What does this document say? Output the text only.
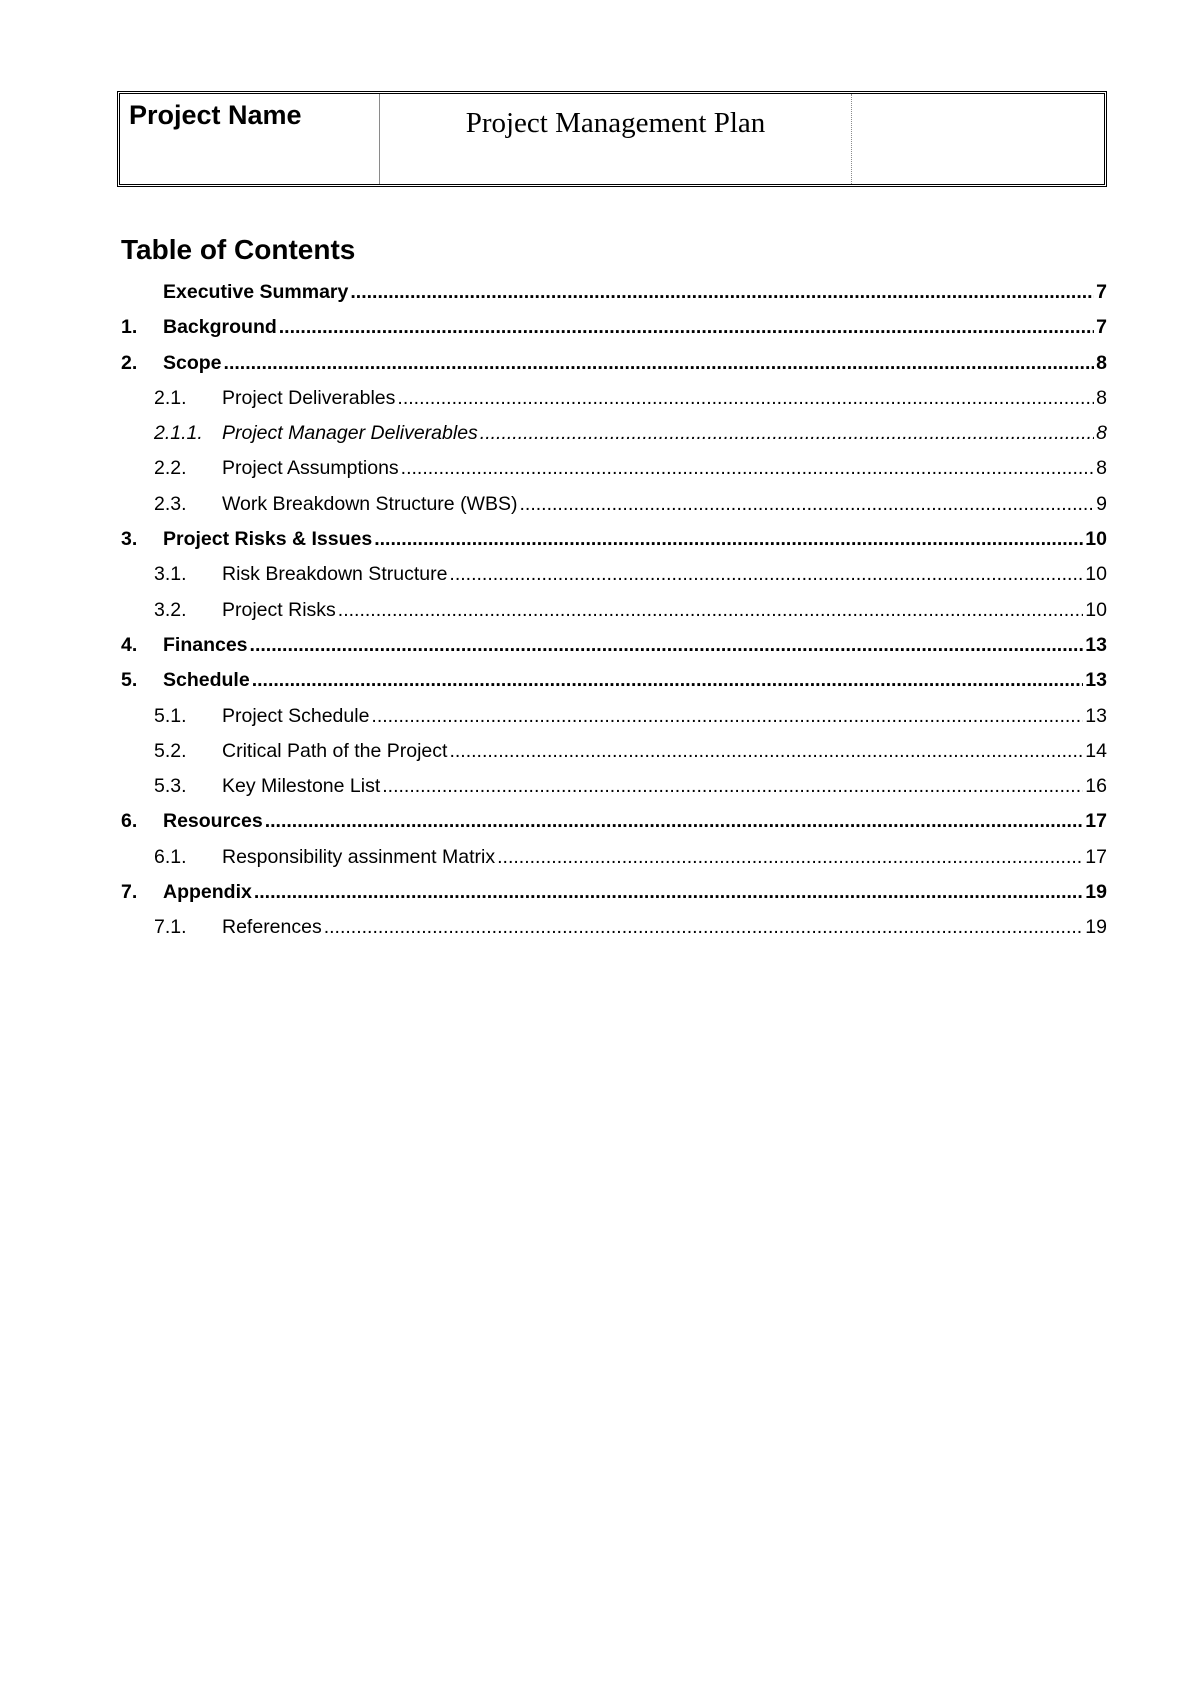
Project Name	Project Management Plan
Table of Contents
Executive Summary .....	7
1.	Background .....	7
2.	Scope .....	8
2.1.	Project Deliverables .....	8
2.1.1. Project Manager Deliverables .....	8
2.2.	Project Assumptions .....	8
2.3.	Work Breakdown Structure (WBS) .....	9
3.	Project Risks & Issues .....	10
3.1.	Risk Breakdown Structure .....	10
3.2.	Project Risks .....	10
4.	Finances .....	13
5.	Schedule .....	13
5.1.	Project Schedule .....	13
5.2.	Critical Path of the Project .....	14
5.3.	Key Milestone List .....	16
6.	Resources .....	17
6.1.	Responsibility assinment Matrix .....	17
7.	Appendix .....	19
7.1.	References .....	19
